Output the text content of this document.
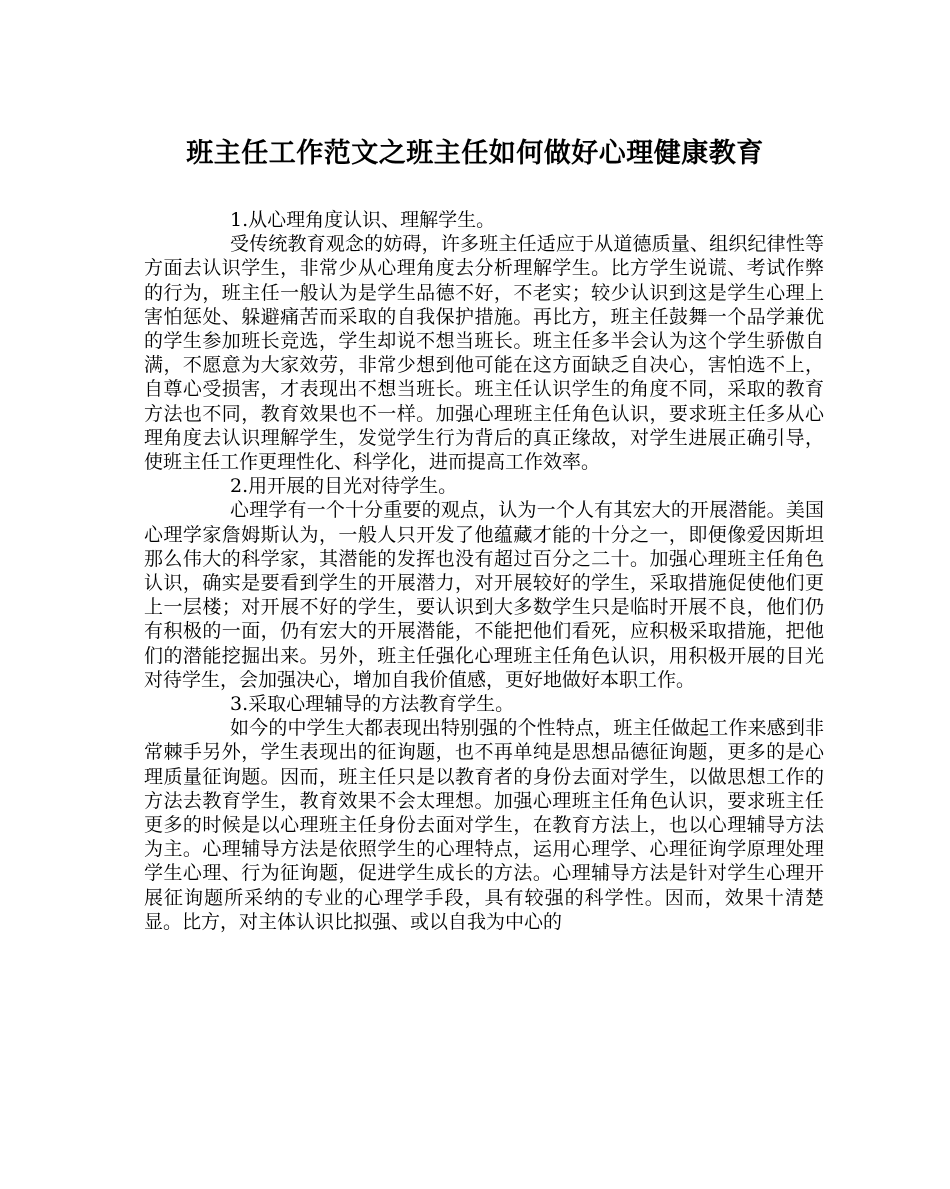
班主任工作范文之班主任如何做好心理健康教育

1.从心理角度认识、理解学生。

受传统教育观念的妨碍，许多班主任适应于从道德质量、组织纪律性等方面去认识学生，非常少从心理角度去分析理解学生。比方学生说谎、考试作弊的行为，班主任一般认为是学生品德不好，不老实；较少认识到这是学生心理上害怕惩处、躲避痛苦而采取的自我保护措施。再比方，班主任鼓舞一个品学兼优的学生参加班长竞选，学生却说不想当班长。班主任多半会认为这个学生骄傲自满，不愿意为大家效劳，非常少想到他可能在这方面缺乏自决心，害怕选不上，自尊心受损害，才表现出不想当班长。班主任认识学生的角度不同，采取的教育方法也不同，教育效果也不一样。加强心理班主任角色认识，要求班主任多从心理角度去认识理解学生，发觉学生行为背后的真正缘故，对学生进展正确引导，使班主任工作更理性化、科学化，进而提高工作效率。

2.用开展的目光对待学生。

心理学有一个十分重要的观点，认为一个人有其宏大的开展潜能。美国心理学家詹姆斯认为，一般人只开发了他蕴藏才能的十分之一，即便像爱因斯坦那么伟大的科学家，其潜能的发挥也没有超过百分之二十。加强心理班主任角色认识，确实是要看到学生的开展潜力，对开展较好的学生，采取措施促使他们更上一层楼；对开展不好的学生，要认识到大多数学生只是临时开展不良，他们仍有积极的一面，仍有宏大的开展潜能，不能把他们看死，应积极采取措施，把他们的潜能挖掘出来。另外，班主任强化心理班主任角色认识，用积极开展的目光对待学生，会加强决心，增加自我价值感，更好地做好本职工作。

3.采取心理辅导的方法教育学生。

如今的中学生大都表现出特别强的个性特点，班主任做起工作来感到非常棘手另外，学生表现出的征询题，也不再单纯是思想品德征询题，更多的是心理质量征询题。因而，班主任只是以教育者的身份去面对学生，以做思想工作的方法去教育学生，教育效果不会太理想。加强心理班主任角色认识，要求班主任更多的时候是以心理班主任身份去面对学生，在教育方法上，也以心理辅导方法为主。心理辅导方法是依照学生的心理特点，运用心理学、心理征询学原理处理学生心理、行为征询题，促进学生成长的方法。心理辅导方法是针对学生心理开展征询题所采纳的专业的心理学手段，具有较强的科学性。因而，效果十清楚显。比方，对主体认识比拟强、或以自我为中心的
